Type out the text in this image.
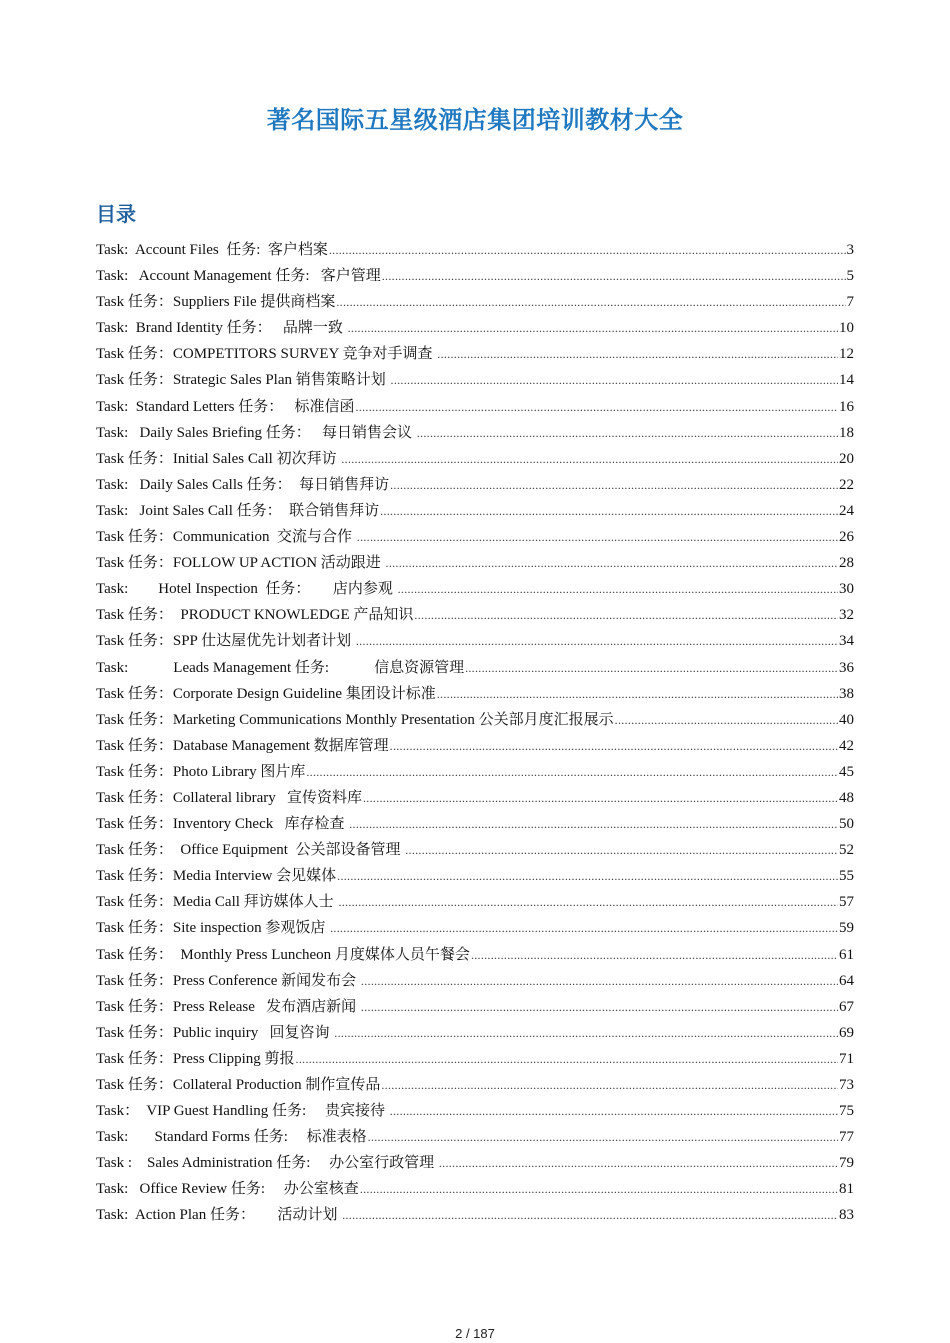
著名国际五星级酒店集团培训教材大全
目录
Task:  Account Files  任务:  客户档案 .....	3
Task:   Account Management 任务:   客户管理 .....	5
Task 任务：Suppliers File 提供商档案 .....	7
Task:  Brand Identity 任务：   品牌一致 .....	10
Task 任务：COMPETITORS SURVEY 竞争对手调查 .....	12
Task 任务：Strategic Sales Plan 销售策略计划 .....	14
Task:  Standard Letters 任务：   标准信函 .....	16
Task:   Daily Sales Briefing 任务：   每日销售会议 .....	18
Task 任务：Initial Sales Call 初次拜访 .....	20
Task:   Daily Sales Calls 任务：  每日销售拜访 .....	22
Task:   Joint Sales Call 任务：  联合销售拜访 .....	24
Task 任务：Communication  交流与合作 .....	26
Task 任务：FOLLOW UP ACTION 活动跟进 .....	28
Task:        Hotel Inspection  任务：      店内参观 .....	30
Task 任务：  PRODUCT KNOWLEDGE 产品知识 .....	32
Task 任务：SPP 仕达屋优先计划者计划 .....	34
Task:            Leads Management 任务:            信息资源管理 .....	36
Task 任务：Corporate Design Guideline 集团设计标准 .....	38
Task 任务：Marketing Communications Monthly Presentation 公关部月度汇报展示 .....	40
Task 任务：Database Management 数据库管理 .....	42
Task 任务：Photo Library 图片库 .....	45
Task 任务：Collateral library   宣传资料库 .....	48
Task 任务：Inventory Check   库存检查 .....	50
Task 任务：  Office Equipment  公关部设备管理 .....	52
Task 任务：Media Interview 会见媒体 .....	55
Task 任务：Media Call 拜访媒体人士 .....	57
Task 任务：Site inspection 参观饭店 .....	59
Task 任务：  Monthly Press Luncheon 月度媒体人员午餐会 .....	61
Task 任务：Press Conference 新闻发布会 .....	64
Task 任务：Press Release   发布酒店新闻 .....	67
Task 任务：Public inquiry   回复咨询 .....	69
Task 任务：Press Clipping 剪报 .....	71
Task 任务：Collateral Production 制作宣传品 .....	73
Task：  VIP Guest Handling 任务:     贵宾接待 .....	75
Task:       Standard Forms 任务:     标准表格 .....	77
Task :    Sales Administration 任务:     办公室行政管理 .....	79
Task:   Office Review 任务:     办公室核查 .....	81
Task:  Action Plan 任务：      活动计划 .....	83
2 / 187
